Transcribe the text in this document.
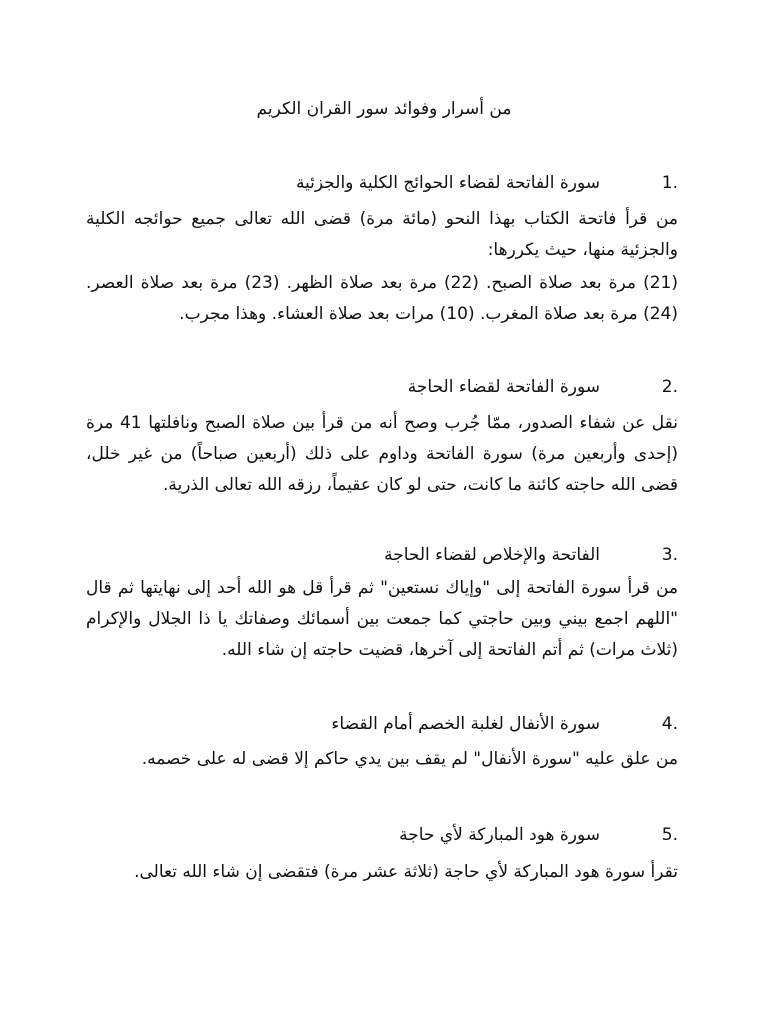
من أسرار وفوائد سور القران الكريم
1.سورة الفاتحة لقضاء الحوائج الكلية والجزئية

من قرأ فاتحة الكتاب بهذا النحو (مائة مرة) قضى الله تعالى جميع حوائجه الكلية والجزئية منها، حيث يكررها:

(21) مرة بعد صلاة الصبح. (22) مرة بعد صلاة الظهر. (23) مرة بعد صلاة العصر. (24) مرة بعد صلاة المغرب. (10) مرات بعد صلاة العشاء. وهذا مجرب.

2.سورة الفاتحة لقضاء الحاجة

نقل عن شفاء الصدور، ممّا جُرب وصح أنه من قرأ بين صلاة الصبح ونافلتها 41 مرة (إحدى وأربعين مرة) سورة الفاتحة وداوم على ذلك (أربعين صباحاً) من غير خلل، قضى الله حاجته كائنة ما كانت، حتى لو كان عقيماً، رزقه الله تعالى الذرية.

3.الفاتحة والإخلاص لقضاء الحاجة

من قرأ سورة الفاتحة إلى "وإياك نستعين" ثم قرأ قل هو الله أحد إلى نهايتها ثم قال "اللهم اجمع بيني وبين حاجتي كما جمعت بين أسمائك وصفاتك يا ذا الجلال والإكرام (ثلاث مرات) ثم أتم الفاتحة إلى آخرها، قضيت حاجته إن شاء الله.

4.سورة الأنفال لغلبة الخصم أمام القضاء

من علق عليه "سورة الأنفال" لم يقف بين يدي حاكم إلا قضى له على خصمه.

5.سورة هود المباركة لأي حاجة

تقرأ سورة هود المباركة لأي حاجة (ثلاثة عشر مرة) فتقضى إن شاء الله تعالى.
